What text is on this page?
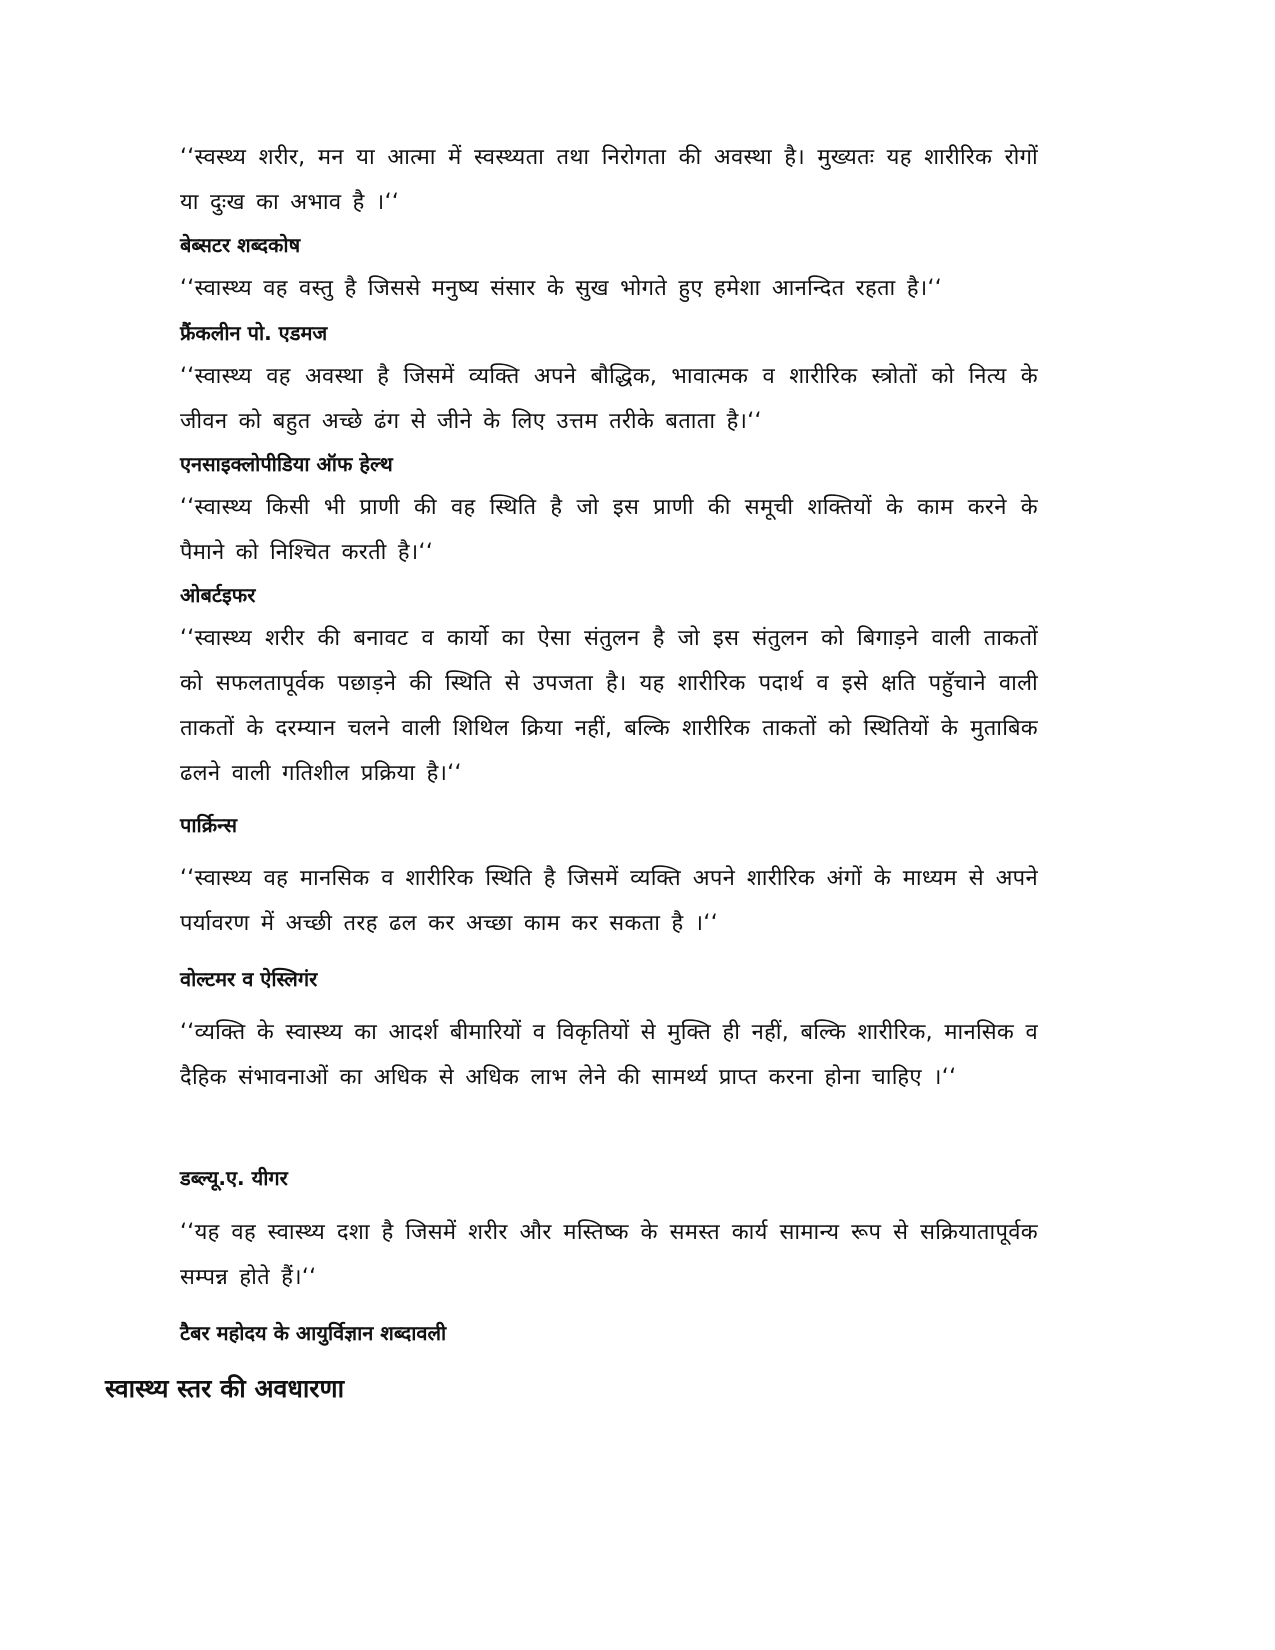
‘‘स्वस्थ्य शरीर, मन या आत्मा में स्वस्थ्यता तथा निरोगता की अवस्था है। मुख्यतः यह शारीरिक रोगों या दुःख का अभाव है ।‘‘

बेब्सटर शब्दकोष

‘‘स्वास्थ्य वह वस्तु है जिससे मनुष्य संसार के सुख भोगते हुए हमेशा आनन्दित रहता है।‘‘

फ्रैंकलीन पो. एडमज

‘‘स्वास्थ्य वह अवस्था है जिसमें व्यक्ति अपने बौद्धिक, भावात्मक व शारीरिक स्त्रोतों को नित्य के जीवन को बहुत अच्छे ढंग से जीने के लिए उत्तम तरीके बताता है।‘‘

एनसाइक्लोपीडिया ऑफ हेल्थ

‘‘स्वास्थ्य किसी भी प्राणी की वह स्थिति है जो इस प्राणी की समूची शक्तियों के काम करने के पैमाने को निश्चित करती है।‘‘

ओबर्टइफर

‘‘स्वास्थ्य शरीर की बनावट व कार्यो का ऐसा संतुलन है जो इस संतुलन को बिगाड़ने वाली ताकतों को सफलतापूर्वक पछाड़ने की स्थिति से उपजता है। यह शारीरिक पदार्थ व इसे क्षति पहुॅचाने वाली ताकतों के दरम्यान चलने वाली शिथिल क्रिया नहीं, बल्कि शारीरिक ताकतों को स्थितियों के मुताबिक ढलने वाली गतिशील प्रक्रिया है।‘‘

पार्क्रिन्स

‘‘स्वास्थ्य वह मानसिक व शारीरिक स्थिति है जिसमें व्यक्ति अपने शारीरिक अंगों के माध्यम से अपने पर्यावरण में अच्छी तरह ढल कर अच्छा काम कर सकता है ।‘‘

वोल्टमर व ऐस्लिगंर

‘‘व्यक्ति के स्वास्थ्य का आदर्श बीमारियों व विकृतियों से मुक्ति ही नहीं, बल्कि शारीरिक, मानसिक व दैहिक संभावनाओं का अधिक से अधिक लाभ लेने की सामर्थ्य प्राप्त करना होना चाहिए ।‘‘

डब्ल्यू.ए. यीगर

‘‘यह वह स्वास्थ्य दशा है जिसमें शरीर और मस्तिष्क के समस्त कार्य सामान्य रूप से सक्रियातापूर्वक सम्पन्न होते हैं।‘‘

टैबर महोदय के आयुर्विज्ञान शब्दावली

स्वास्थ्य स्तर की अवधारणा
